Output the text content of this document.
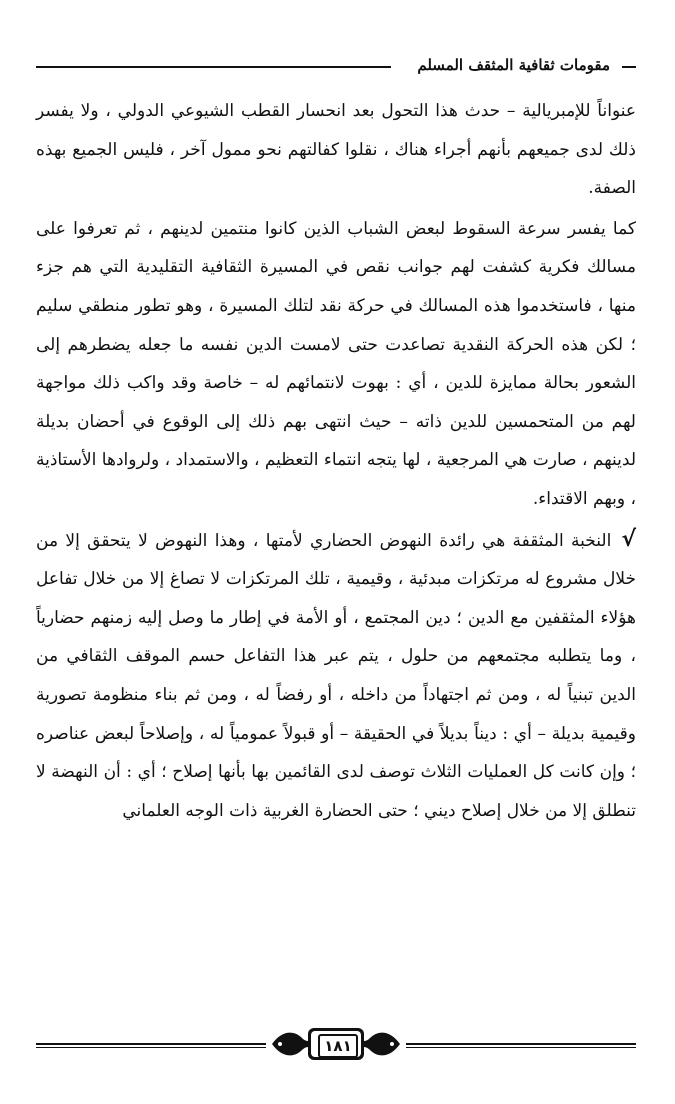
مقومات ثقافية المثقف المسلم

عنواناً للإمبريالية – حدث هذا التحول بعد انحسار القطب الشيوعي الدولي ، ولا يفسر ذلك لدى جميعهم بأنهم أجراء هناك ، نقلوا كفالتهم نحو ممول آخر ، فليس الجميع بهذه الصفة.

كما يفسر سرعة السقوط لبعض الشباب الذين كانوا منتمين لدينهم ، ثم تعرفوا على مسالك فكرية كشفت لهم جوانب نقص في المسيرة الثقافية التقليدية التي هم جزء منها ، فاستخدموا هذه المسالك في حركة نقد لتلك المسيرة ، وهو تطور منطقي سليم ؛ لكن هذه الحركة النقدية تصاعدت حتى لامست الدين نفسه ما جعله يضطرهم إلى الشعور بحالة ممايزة للدين ، أي : بهوت لانتمائهم له – خاصة وقد واكب ذلك مواجهة لهم من المتحمسين للدين ذاته – حيث انتهى بهم ذلك إلى الوقوع في أحضان بديلة لدينهم ، صارت هي المرجعية ، لها يتجه انتماء التعظيم ، والاستمداد ، ولروادها الأستاذية ، وبهم الاقتداء.

√النخبة المثقفة هي رائدة النهوض الحضاري لأمتها ، وهذا النهوض لا يتحقق إلا من خلال مشروع له مرتكزات مبدئية ، وقيمية ، تلك المرتكزات لا تصاغ إلا من خلال تفاعل هؤلاء المثقفين مع الدين ؛ دين المجتمع ، أو الأمة في إطار ما وصل إليه زمنهم حضارياً ، وما يتطلبه مجتمعهم من حلول ، يتم عبر هذا التفاعل حسم الموقف الثقافي من الدين تبنياً له ، ومن ثم اجتهاداً من داخله ، أو رفضاً له ، ومن ثم بناء منظومة تصورية وقيمية بديلة – أي : ديناً بديلاً في الحقيقة – أو قبولاً عمومياً له ، وإصلاحاً لبعض عناصره ؛ وإن كانت كل العمليات الثلاث توصف لدى القائمين بها بأنها إصلاح ؛ أي : أن النهضة لا تنطلق إلا من خلال إصلاح ديني ؛ حتى الحضارة الغربية ذات الوجه العلماني

١٨١
